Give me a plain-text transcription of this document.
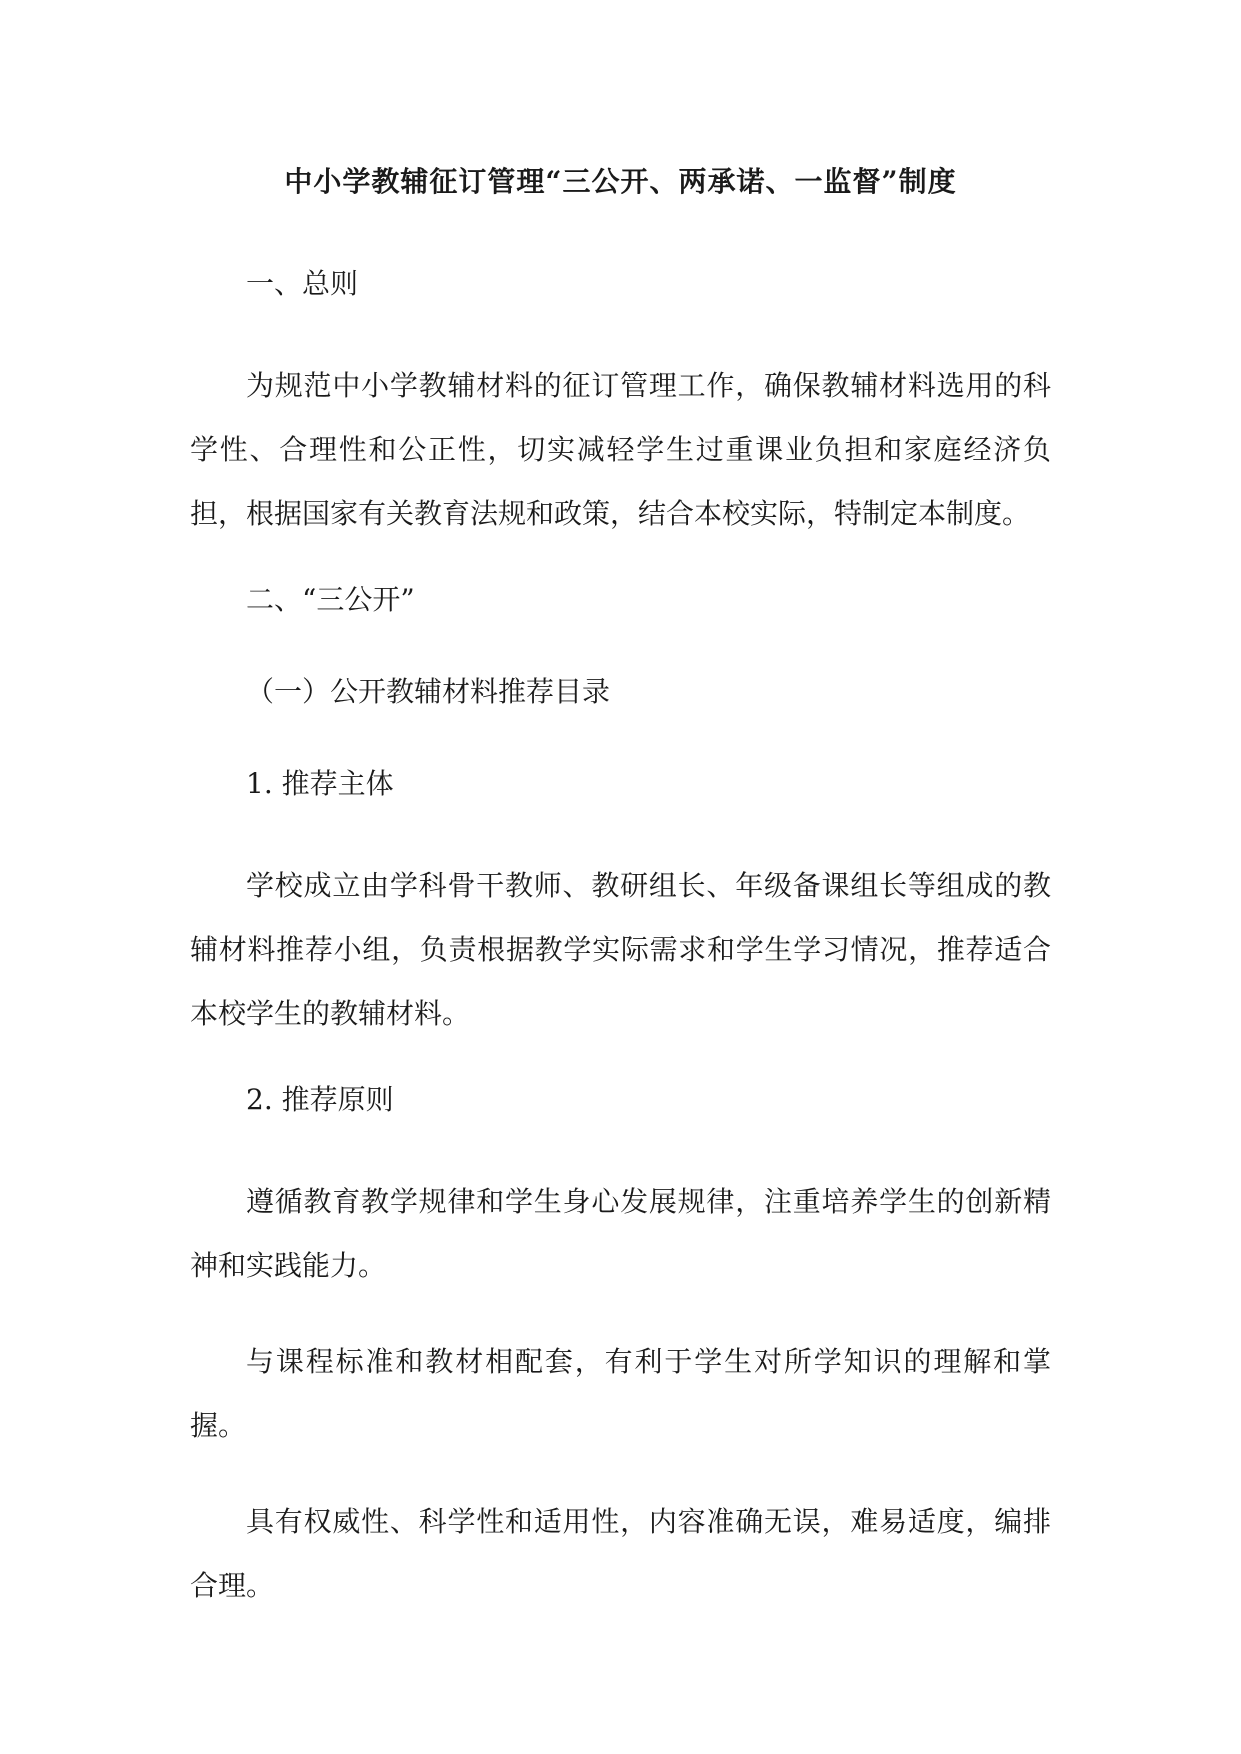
中小学教辅征订管理“三公开、两承诺、一监督”制度
一、总则
为规范中小学教辅材料的征订管理工作，确保教辅材料选用的科学性、合理性和公正性，切实减轻学生过重课业负担和家庭经济负担，根据国家有关教育法规和政策，结合本校实际，特制定本制度。
二、“三公开”
（一）公开教辅材料推荐目录
1. 推荐主体
学校成立由学科骨干教师、教研组长、年级备课组长等组成的教辅材料推荐小组，负责根据教学实际需求和学生学习情况，推荐适合本校学生的教辅材料。
2. 推荐原则
遵循教育教学规律和学生身心发展规律，注重培养学生的创新精神和实践能力。
与课程标准和教材相配套，有利于学生对所学知识的理解和掌握。
具有权威性、科学性和适用性，内容准确无误，难易适度，编排合理。
